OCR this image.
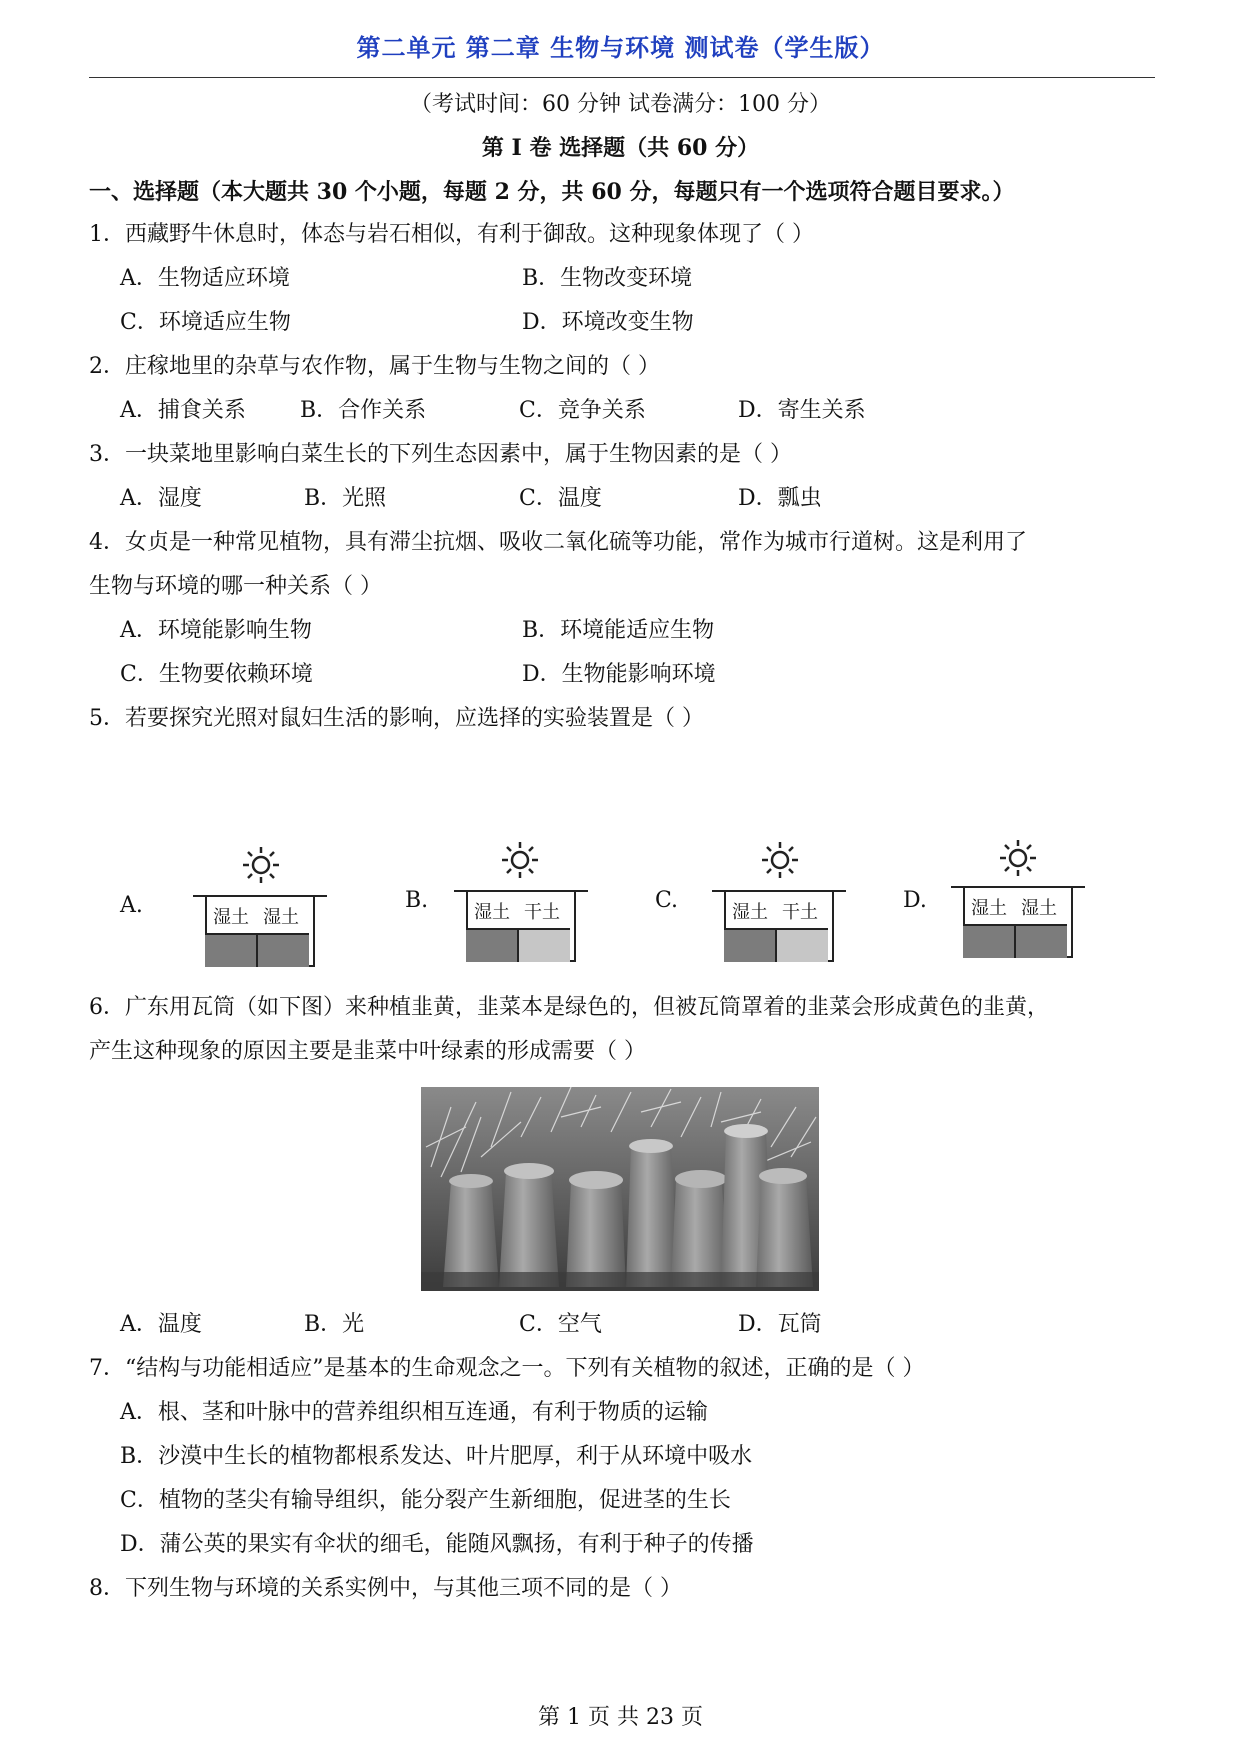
第二单元 第二章 生物与环境 测试卷（学生版）
（考试时间：60 分钟 试卷满分：100 分）
第 I 卷 选择题（共 60 分）
一、选择题（本大题共 30 个小题，每题 2 分，共 60 分，每题只有一个选项符合题目要求。）
1．西藏野牛休息时，体态与岩石相似，有利于御敌。这种现象体现了（ ）
A．生物适应环境	B．生物改变环境
C．环境适应生物	D．环境改变生物
2．庄稼地里的杂草与农作物，属于生物与生物之间的（ ）
A．捕食关系 B．合作关系	C．竞争关系	D．寄生关系
3．一块菜地里影响白菜生长的下列生态因素中，属于生物因素的是（ ）
A．湿度	B．光照	C．温度	D．瓢虫
4．女贞是一种常见植物，具有滞尘抗烟、吸收二氧化硫等功能，常作为城市行道树。这是利用了
生物与环境的哪一种关系（ ）
A．环境能影响生物	B．环境能适应生物
C．生物要依赖环境	D．生物能影响环境
5．若要探究光照对鼠妇生活的影响，应选择的实验装置是（ ）
A.	湿土 湿土
B.	湿土 干土	C.	湿土 干土	D. 湿土 湿土
6．广东用瓦筒（如下图）来种植韭黄，韭菜本是绿色的，但被瓦筒罩着的韭菜会形成黄色的韭黄，
产生这种现象的原因主要是韭菜中叶绿素的形成需要（ ）
A．温度	B．光	C．空气	D．瓦筒
7．“结构与功能相适应”是基本的生命观念之一。下列有关植物的叙述，正确的是（ ）
A．根、茎和叶脉中的营养组织相互连通，有利于物质的运输
B．沙漠中生长的植物都根系发达、叶片肥厚，利于从环境中吸水
C．植物的茎尖有输导组织，能分裂产生新细胞，促进茎的生长
D．蒲公英的果实有伞状的细毛，能随风飘扬，有利于种子的传播
8．下列生物与环境的关系实例中，与其他三项不同的是（ ）
第 1 页 共 23 页
